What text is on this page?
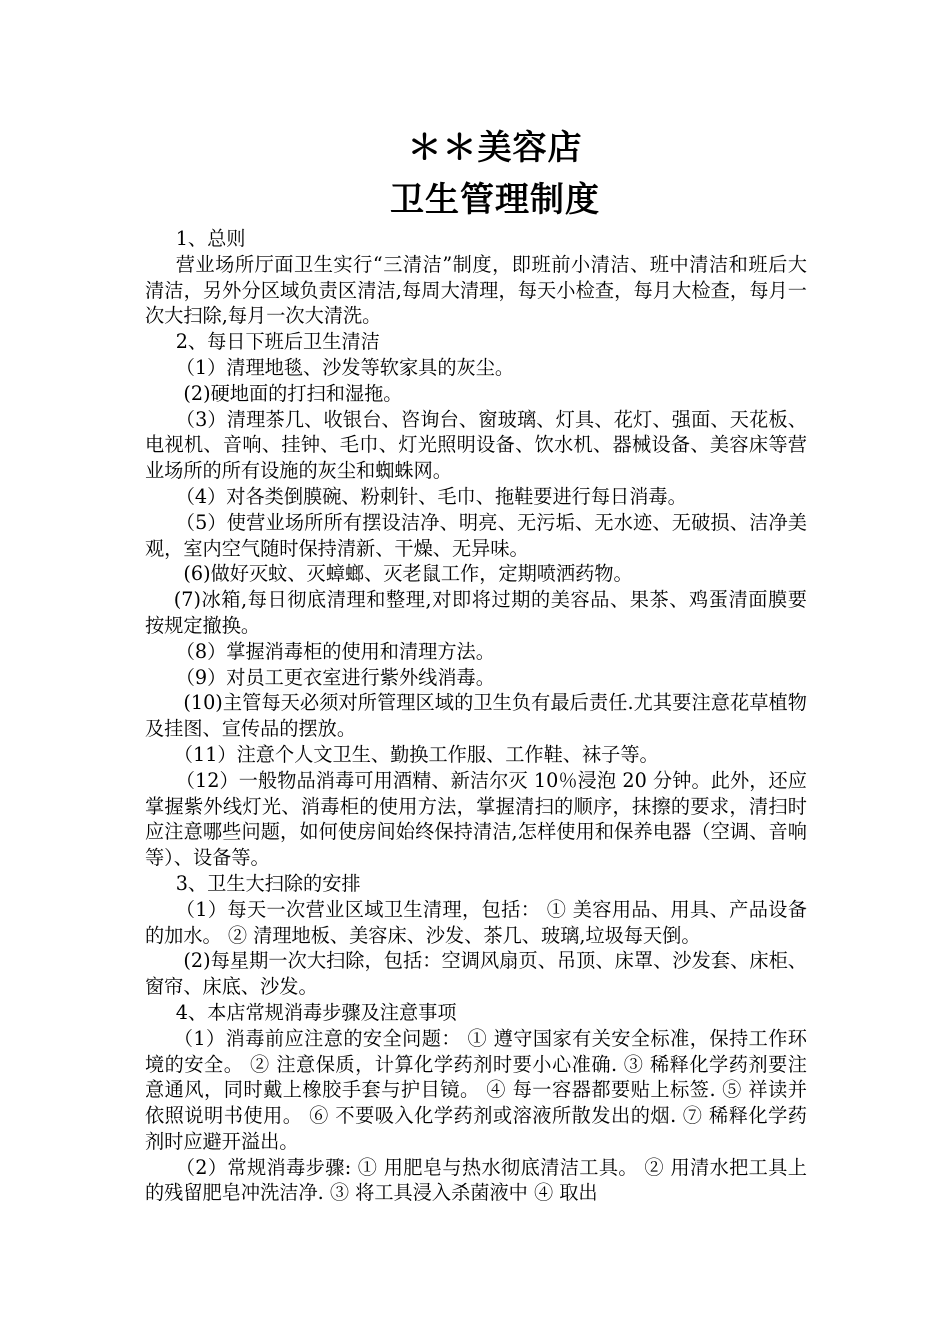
＊＊美容店
卫生管理制度

1、总则

营业场所厅面卫生实行“三清洁”制度，即班前小清洁、班中清洁和班后大清洁，另外分区域负责区清洁,每周大清理，每天小检查，每月大检查，每月一次大扫除,每月一次大清洗。

2、每日下班后卫生清洁

（1）清理地毯、沙发等软家具的灰尘。

(2)硬地面的打扫和湿拖。

（3）清理茶几、收银台、咨询台、窗玻璃、灯具、花灯、强面、天花板、电视机、音响、挂钟、毛巾、灯光照明设备、饮水机、器械设备、美容床等营业场所的所有设施的灰尘和蜘蛛网。

（4）对各类倒膜碗、粉刺针、毛巾、拖鞋要进行每日消毒。

（5）使营业场所所有摆设洁净、明亮、无污垢、无水迹、无破损、洁净美观，室内空气随时保持清新、干燥、无异味。

(6)做好灭蚊、灭蟑螂、灭老鼠工作，定期喷洒药物。

(7)冰箱,每日彻底清理和整理,对即将过期的美容品、果茶、鸡蛋清面膜要按规定撤换。

（8）掌握消毒柜的使用和清理方法。

（9）对员工更衣室进行紫外线消毒。

(10)主管每天必须对所管理区域的卫生负有最后责任.尤其要注意花草植物及挂图、宣传品的摆放。

（11）注意个人文卫生、勤换工作服、工作鞋、袜子等。

（12）一般物品消毒可用酒精、新洁尔灭 10％浸泡 20 分钟。此外，还应掌握紫外线灯光、消毒柜的使用方法，掌握清扫的顺序，抹擦的要求，清扫时应注意哪些问题，如何使房间始终保持清洁,怎样使用和保养电器（空调、音响等）、设备等。

3、卫生大扫除的安排

（1）每天一次营业区域卫生清理，包括： ① 美容用品、用具、产品设备的加水。 ② 清理地板、美容床、沙发、茶几、玻璃,垃圾每天倒。

(2)每星期一次大扫除，包括：空调风扇页、吊顶、床罩、沙发套、床柜、窗帘、床底、沙发。

4、本店常规消毒步骤及注意事项

（1）消毒前应注意的安全问题： ① 遵守国家有关安全标准，保持工作环境的安全。 ② 注意保质，计算化学药剂时要小心准确. ③ 稀释化学药剂要注意通风，同时戴上橡胶手套与护目镜。 ④ 每一容器都要贴上标签. ⑤ 祥读并依照说明书使用。 ⑥ 不要吸入化学药剂或溶液所散发出的烟. ⑦ 稀释化学药剂时应避开溢出。

（2）常规消毒步骤: ① 用肥皂与热水彻底清洁工具。 ② 用清水把工具上的残留肥皂冲洗洁净. ③ 将工具浸入杀菌液中 ④ 取出
